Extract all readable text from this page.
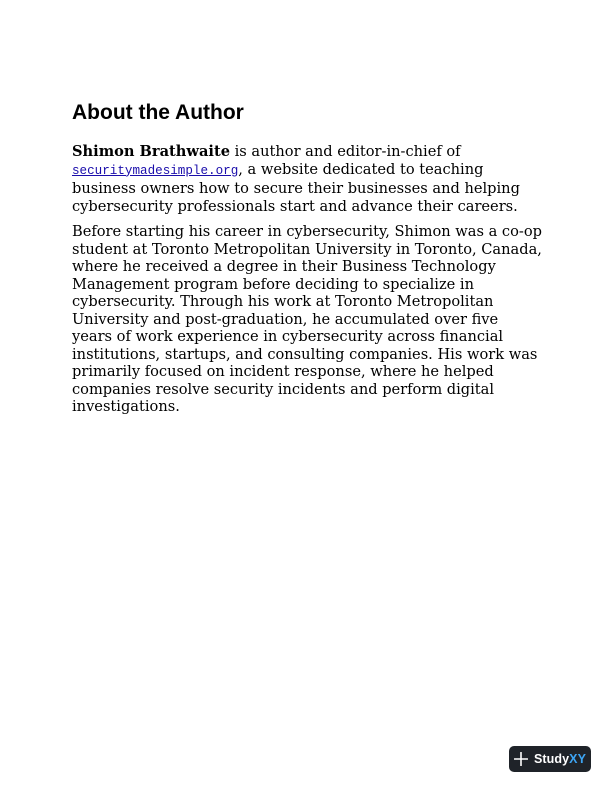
About the Author

Shimon Brathwaite is author and editor-in-chief of securitymadesimple.org, a website dedicated to teaching business owners how to secure their businesses and helping cybersecurity professionals start and advance their careers.

Before starting his career in cybersecurity, Shimon was a co-op student at Toronto Metropolitan University in Toronto, Canada, where he received a degree in their Business Technology Management program before deciding to specialize in cybersecurity. Through his work at Toronto Metropolitan University and post-graduation, he accumulated over five years of work experience in cybersecurity across financial institutions, startups, and consulting companies. His work was primarily focused on incident response, where he helped companies resolve security incidents and perform digital investigations.

StudyXY
